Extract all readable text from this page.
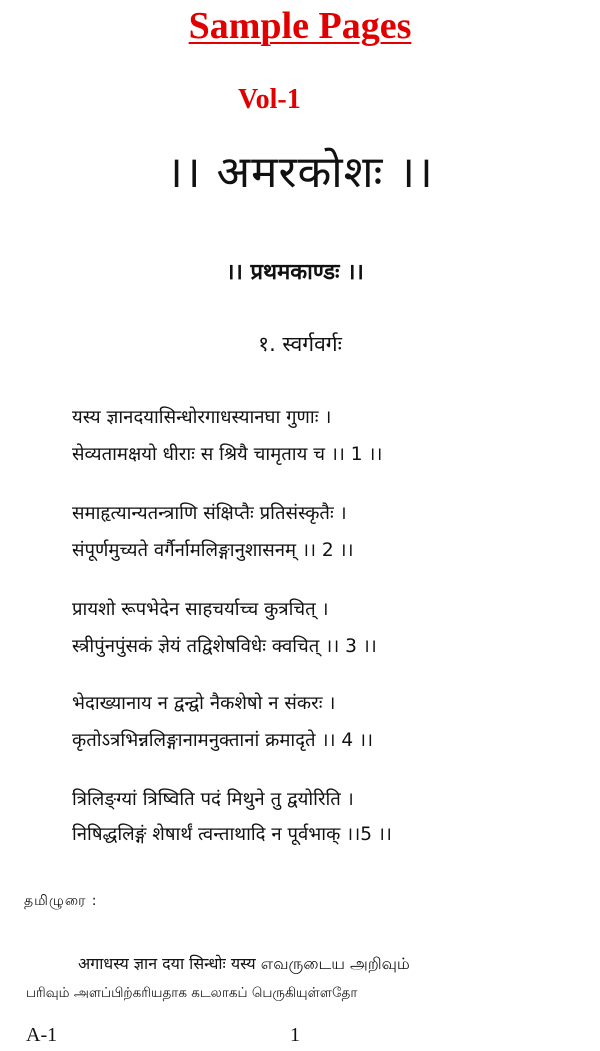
Sample Pages
Vol-1
।। अमरकोशः ।।
।। प्रथमकाण्डः ।।
१. स्वर्गवर्गः
यस्य ज्ञानदयासिन्धोरगाधस्यानघा गुणाः ।
सेव्यतामक्षयो धीराः स श्रियै चामृताय च ।। 1 ।।
समाहृत्यान्यतन्त्राणि संक्षिप्तैः प्रतिसंस्कृतैः ।
संपूर्णमुच्यते वर्गैर्नामलिङ्गानुशासनम् ।। 2 ।।
प्रायशो रूपभेदेन साहचर्याच्च कुत्रचित् ।
स्त्रीपुंनपुंसकं ज्ञेयं तद्विशेषविधेः क्वचित् ।। 3 ।।
भेदाख्यानाय न द्वन्द्वो नैकशेषो न संकरः ।
कृतोऽत्रभिन्नलिङ्गानामनुक्तानां क्रमादृते ।। 4 ।।
त्रिलिङ्ग्यां त्रिष्विति पदं मिथुने तु द्वयोरिति ।
निषिद्धलिङ्गं शेषार्थं त्वन्ताथादि न पूर्वभाक् ।।5 ।।
தமிழுரை :
अगाधस्य ज्ञान दया सिन्धोः यस्य எவருடைய அறிவும்
பரிவும் அளப்பிற்கரியதாக கடலாகப் பெருகியுள்ளதோ
A-1	1
